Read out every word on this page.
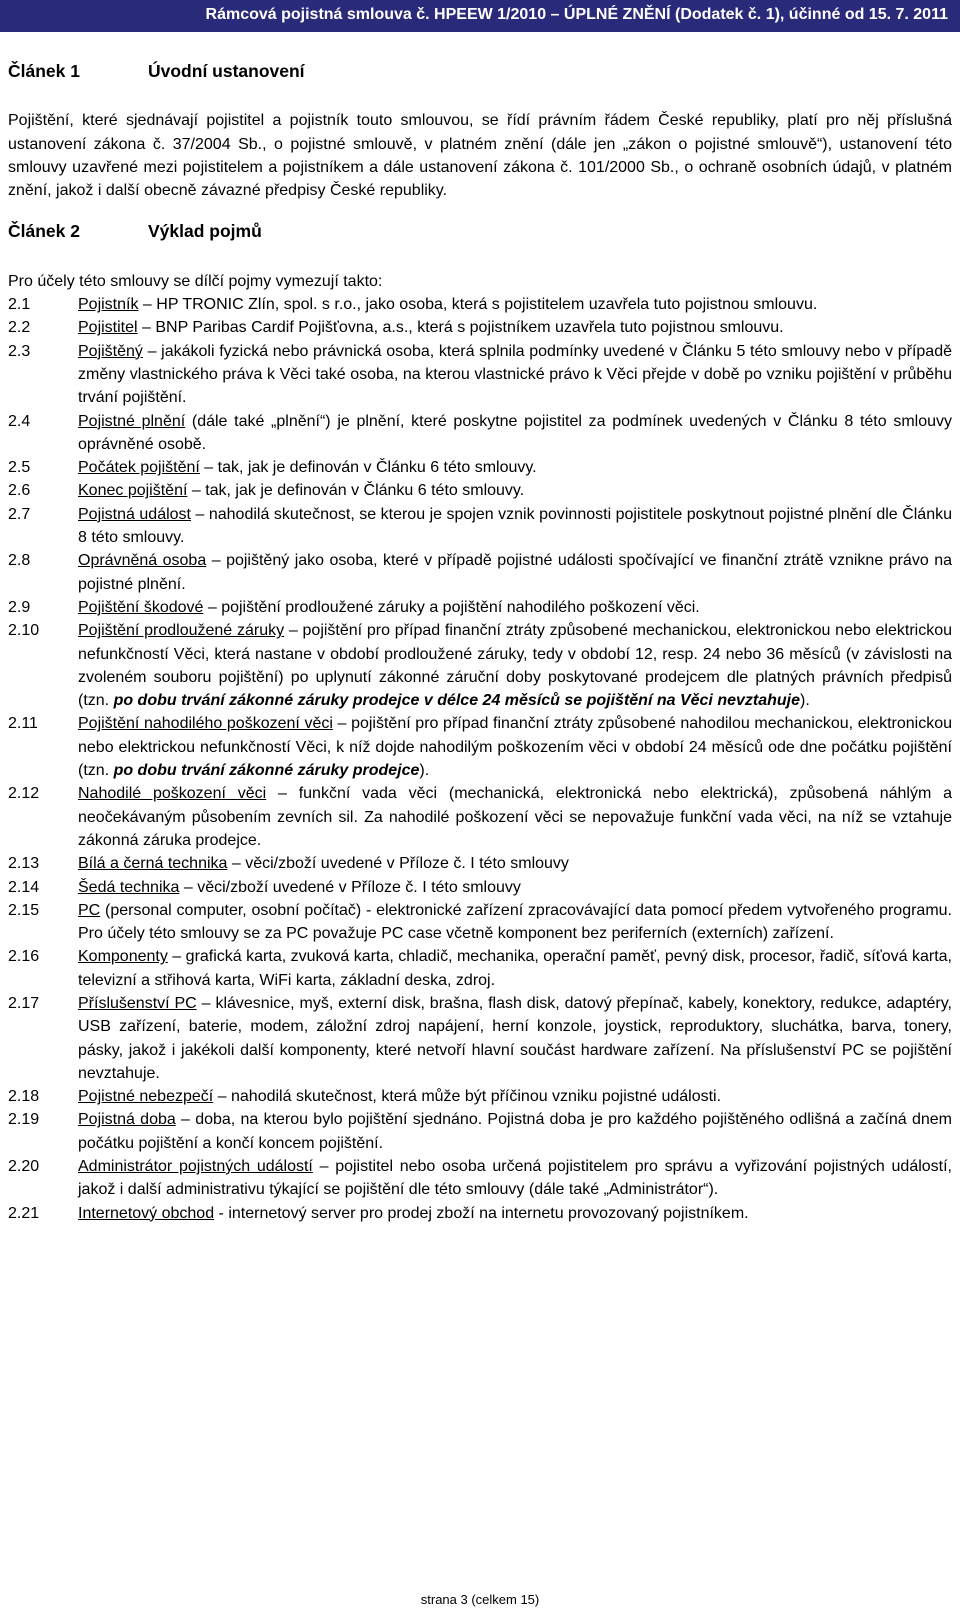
Rámcová pojistná smlouva č. HPEEW 1/2010 – ÚPLNÉ ZNĚNÍ (Dodatek č. 1), účinné od 15. 7. 2011
Článek 1	Úvodní ustanovení

Pojištění, které sjednávají pojistitel a pojistník touto smlouvou, se řídí právním řádem České republiky, platí pro něj příslušná ustanovení zákona č. 37/2004 Sb., o pojistné smlouvě, v platném znění (dále jen „zákon o pojistné smlouvě“), ustanovení této smlouvy uzavřené mezi pojistitelem a pojistníkem a dále ustanovení zákona č. 101/2000 Sb., o ochraně osobních údajů, v platném znění, jakož i další obecně závazné předpisy České republiky.

Článek 2	Výklad pojmů

Pro účely této smlouvy se dílčí pojmy vymezují takto:

2.1	Pojistník – HP TRONIC Zlín, spol. s r.o., jako osoba, která s pojistitelem uzavřela tuto pojistnou smlouvu.
2.2	Pojistitel – BNP Paribas Cardif Pojišťovna, a.s., která s pojistníkem uzavřela tuto pojistnou smlouvu.
2.3	Pojištěný – jakákoli fyzická nebo právnická osoba, která splnila podmínky uvedené v Článku 5 této smlouvy nebo v případě změny vlastnického práva k Věci také osoba, na kterou vlastnické právo k Věci přejde v době po vzniku pojištění v průběhu trvání pojištění.
2.4	Pojistné plnění (dále také „plnění“) je plnění, které poskytne pojistitel za podmínek uvedených v Článku 8 této smlouvy oprávněné osobě.
2.5	Počátek pojištění – tak, jak je definován v Článku 6 této smlouvy.
2.6	Konec pojištění – tak, jak je definován v Článku 6 této smlouvy.
2.7	Pojistná událost – nahodilá skutečnost, se kterou je spojen vznik povinnosti pojistitele poskytnout pojistné plnění dle Článku 8 této smlouvy.
2.8	Oprávněná osoba – pojištěný jako osoba, které v případě pojistné události spočívající ve finanční ztrátě vznikne právo na pojistné plnění.
2.9	Pojištění škodové – pojištění prodloužené záruky a pojištění nahodilého poškození věci.
2.10	Pojištění prodloužené záruky – pojištění pro případ finanční ztráty způsobené mechanickou, elektronickou nebo elektrickou nefunkčností Věci, která nastane v období prodloužené záruky, tedy v období 12, resp. 24 nebo 36 měsíců (v závislosti na zvoleném souboru pojištění) po uplynutí zákonné záruční doby poskytované prodejcem dle platných právních předpisů (tzn. po dobu trvání zákonné záruky prodejce v délce 24 měsíců se pojištění na Věci nevztahuje).
2.11	Pojištění nahodilého poškození věci – pojištění pro případ finanční ztráty způsobené nahodilou mechanickou, elektronickou nebo elektrickou nefunkčností Věci, k níž dojde nahodilým poškozením věci v období 24 měsíců ode dne počátku pojištění (tzn. po dobu trvání zákonné záruky prodejce).
2.12	Nahodilé poškození věci – funkční vada věci (mechanická, elektronická nebo elektrická), způsobená náhlým a neočekávaným působením zevních sil. Za nahodilé poškození věci se nepovažuje funkční vada věci, na níž se vztahuje zákonná záruka prodejce.
2.13	Bílá a černá technika – věci/zboží uvedené v Příloze č. I této smlouvy
2.14	Šedá technika – věci/zboží uvedené v Příloze č. I této smlouvy
2.15	PC (personal computer, osobní počítač) - elektronické zařízení zpracovávající data pomocí předem vytvořeného programu. Pro účely této smlouvy se za PC považuje PC case včetně komponent bez periferních (externích) zařízení.
2.16	Komponenty – grafická karta, zvuková karta, chladič, mechanika, operační paměť, pevný disk, procesor, řadič, síťová karta, televizní a střihová karta, WiFi karta, základní deska, zdroj.
2.17	Příslušenství PC – klávesnice, myš, externí disk, brašna, flash disk, datový přepínač, kabely, konektory, redukce, adaptéry, USB zařízení, baterie, modem, záložní zdroj napájení, herní konzole, joystick, reproduktory, sluchátka, barva, tonery, pásky, jakož i jakékoli další komponenty, které netvoří hlavní součást hardware zařízení. Na příslušenství PC se pojištění nevztahuje.
2.18	Pojistné nebezpečí – nahodilá skutečnost, která může být příčinou vzniku pojistné události.
2.19	Pojistná doba – doba, na kterou bylo pojištění sjednáno. Pojistná doba je pro každého pojištěného odlišná a začíná dnem počátku pojištění a končí koncem pojištění.
2.20	Administrátor pojistných událostí – pojistitel nebo osoba určená pojistitelem pro správu a vyřizování pojistných událostí, jakož i další administrativu týkající se pojištění dle této smlouvy (dále také „Administrátor“).
2.21	Internetový obchod - internetový server pro prodej zboží na internetu provozovaný pojistníkem.
strana 3 (celkem 15)
